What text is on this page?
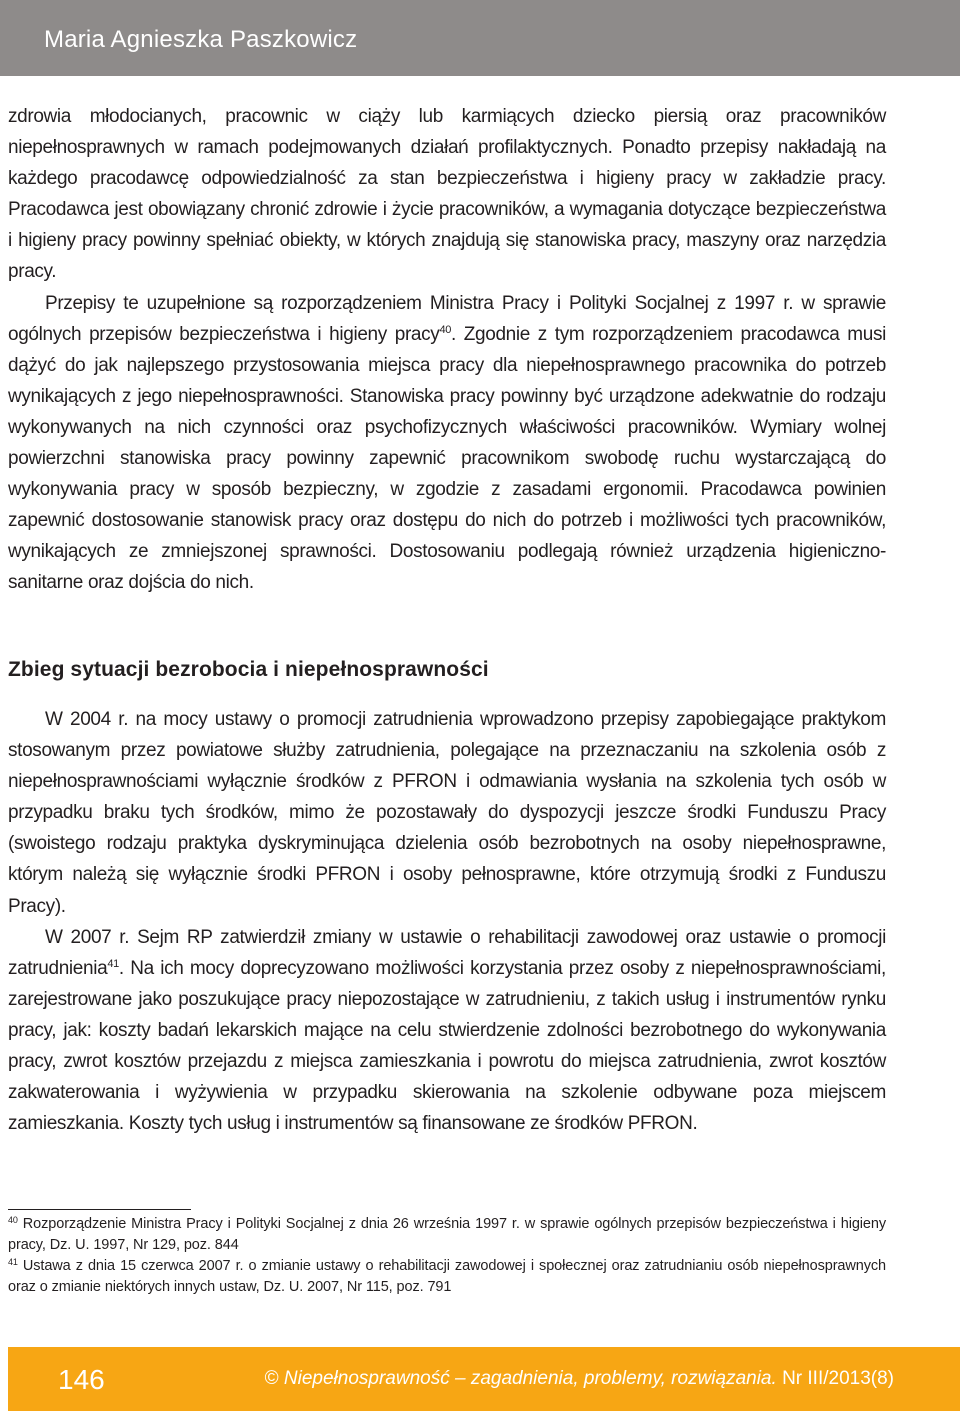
Maria Agnieszka Paszkowicz

zdrowia młodocianych, pracownic w ciąży lub karmiących dziecko piersią oraz pracowników niepełnosprawnych w ramach podejmowanych działań profilaktycznych. Ponadto przepisy nakładają na każdego pracodawcę odpowiedzialność za stan bezpieczeństwa i higieny pracy w zakładzie pracy. Pracodawca jest obowiązany chronić zdrowie i życie pracowników, a wymagania dotyczące bezpieczeństwa i higieny pracy powinny spełniać obiekty, w których znajdują się stanowiska pracy, maszyny oraz narzędzia pracy.

Przepisy te uzupełnione są rozporządzeniem Ministra Pracy i Polityki Socjalnej z 1997 r. w sprawie ogólnych przepisów bezpieczeństwa i higieny pracy$^{40}$. Zgodnie z tym rozporządzeniem pracodawca musi dążyć do jak najlepszego przystosowania miejsca pracy dla niepełnosprawnego pracownika do potrzeb wynikających z jego niepełnosprawności. Stanowiska pracy powinny być urządzone adekwatnie do rodzaju wykonywanych na nich czynności oraz psychofizycznych właściwości pracowników. Wymiary wolnej powierzchni stanowiska pracy powinny zapewnić pracownikom swobodę ruchu wystarczającą do wykonywania pracy w sposób bezpieczny, w zgodzie z zasadami ergonomii. Pracodawca powinien zapewnić dostosowanie stanowisk pracy oraz dostępu do nich do potrzeb i możliwości tych pracowników, wynikających ze zmniejszonej sprawności. Dostosowaniu podlegają również urządzenia higieniczno-sanitarne oraz dojścia do nich.

Zbieg sytuacji bezrobocia i niepełnosprawności

W 2004 r. na mocy ustawy o promocji zatrudnienia wprowadzono przepisy zapobiegające praktykom stosowanym przez powiatowe służby zatrudnienia, polegające na przeznaczaniu na szkolenia osób z niepełnosprawnościami wyłącznie środków z PFRON i odmawiania wysłania na szkolenia tych osób w przypadku braku tych środków, mimo że pozostawały do dyspozycji jeszcze środki Funduszu Pracy (swoistego rodzaju praktyka dyskryminująca dzielenia osób bezrobotnych na osoby niepełnosprawne, którym należą się wyłącznie środki PFRON i osoby pełnosprawne, które otrzymują środki z Funduszu Pracy).

W 2007 r. Sejm RP zatwierdził zmiany w ustawie o rehabilitacji zawodowej oraz ustawie o promocji zatrudnienia$^{41}$. Na ich mocy doprecyzowano możliwości korzystania przez osoby z niepełnosprawnościami, zarejestrowane jako poszukujące pracy niepozostające w zatrudnieniu, z takich usług i instrumentów rynku pracy, jak: koszty badań lekarskich mające na celu stwierdzenie zdolności bezrobotnego do wykonywania pracy, zwrot kosztów przejazdu z miejsca zamieszkania i powrotu do miejsca zatrudnienia, zwrot kosztów zakwaterowania i wyżywienia w przypadku skierowania na szkolenie odbywane poza miejscem zamieszkania. Koszty tych usług i instrumentów są finansowane ze środków PFRON.

$^{40}$ Rozporządzenie Ministra Pracy i Polityki Socjalnej z dnia 26 września 1997 r. w sprawie ogólnych przepisów bezpieczeństwa i higieny pracy, Dz. U. 1997, Nr 129, poz. 844

$^{41}$ Ustawa z dnia 15 czerwca 2007 r. o zmianie ustawy o rehabilitacji zawodowej i społecznej oraz zatrudnianiu osób niepełnosprawnych oraz o zmianie niektórych innych ustaw, Dz. U. 2007, Nr 115, poz. 791

146	© Niepełnosprawność – zagadnienia, problemy, rozwiązania. Nr III/2013(8)
